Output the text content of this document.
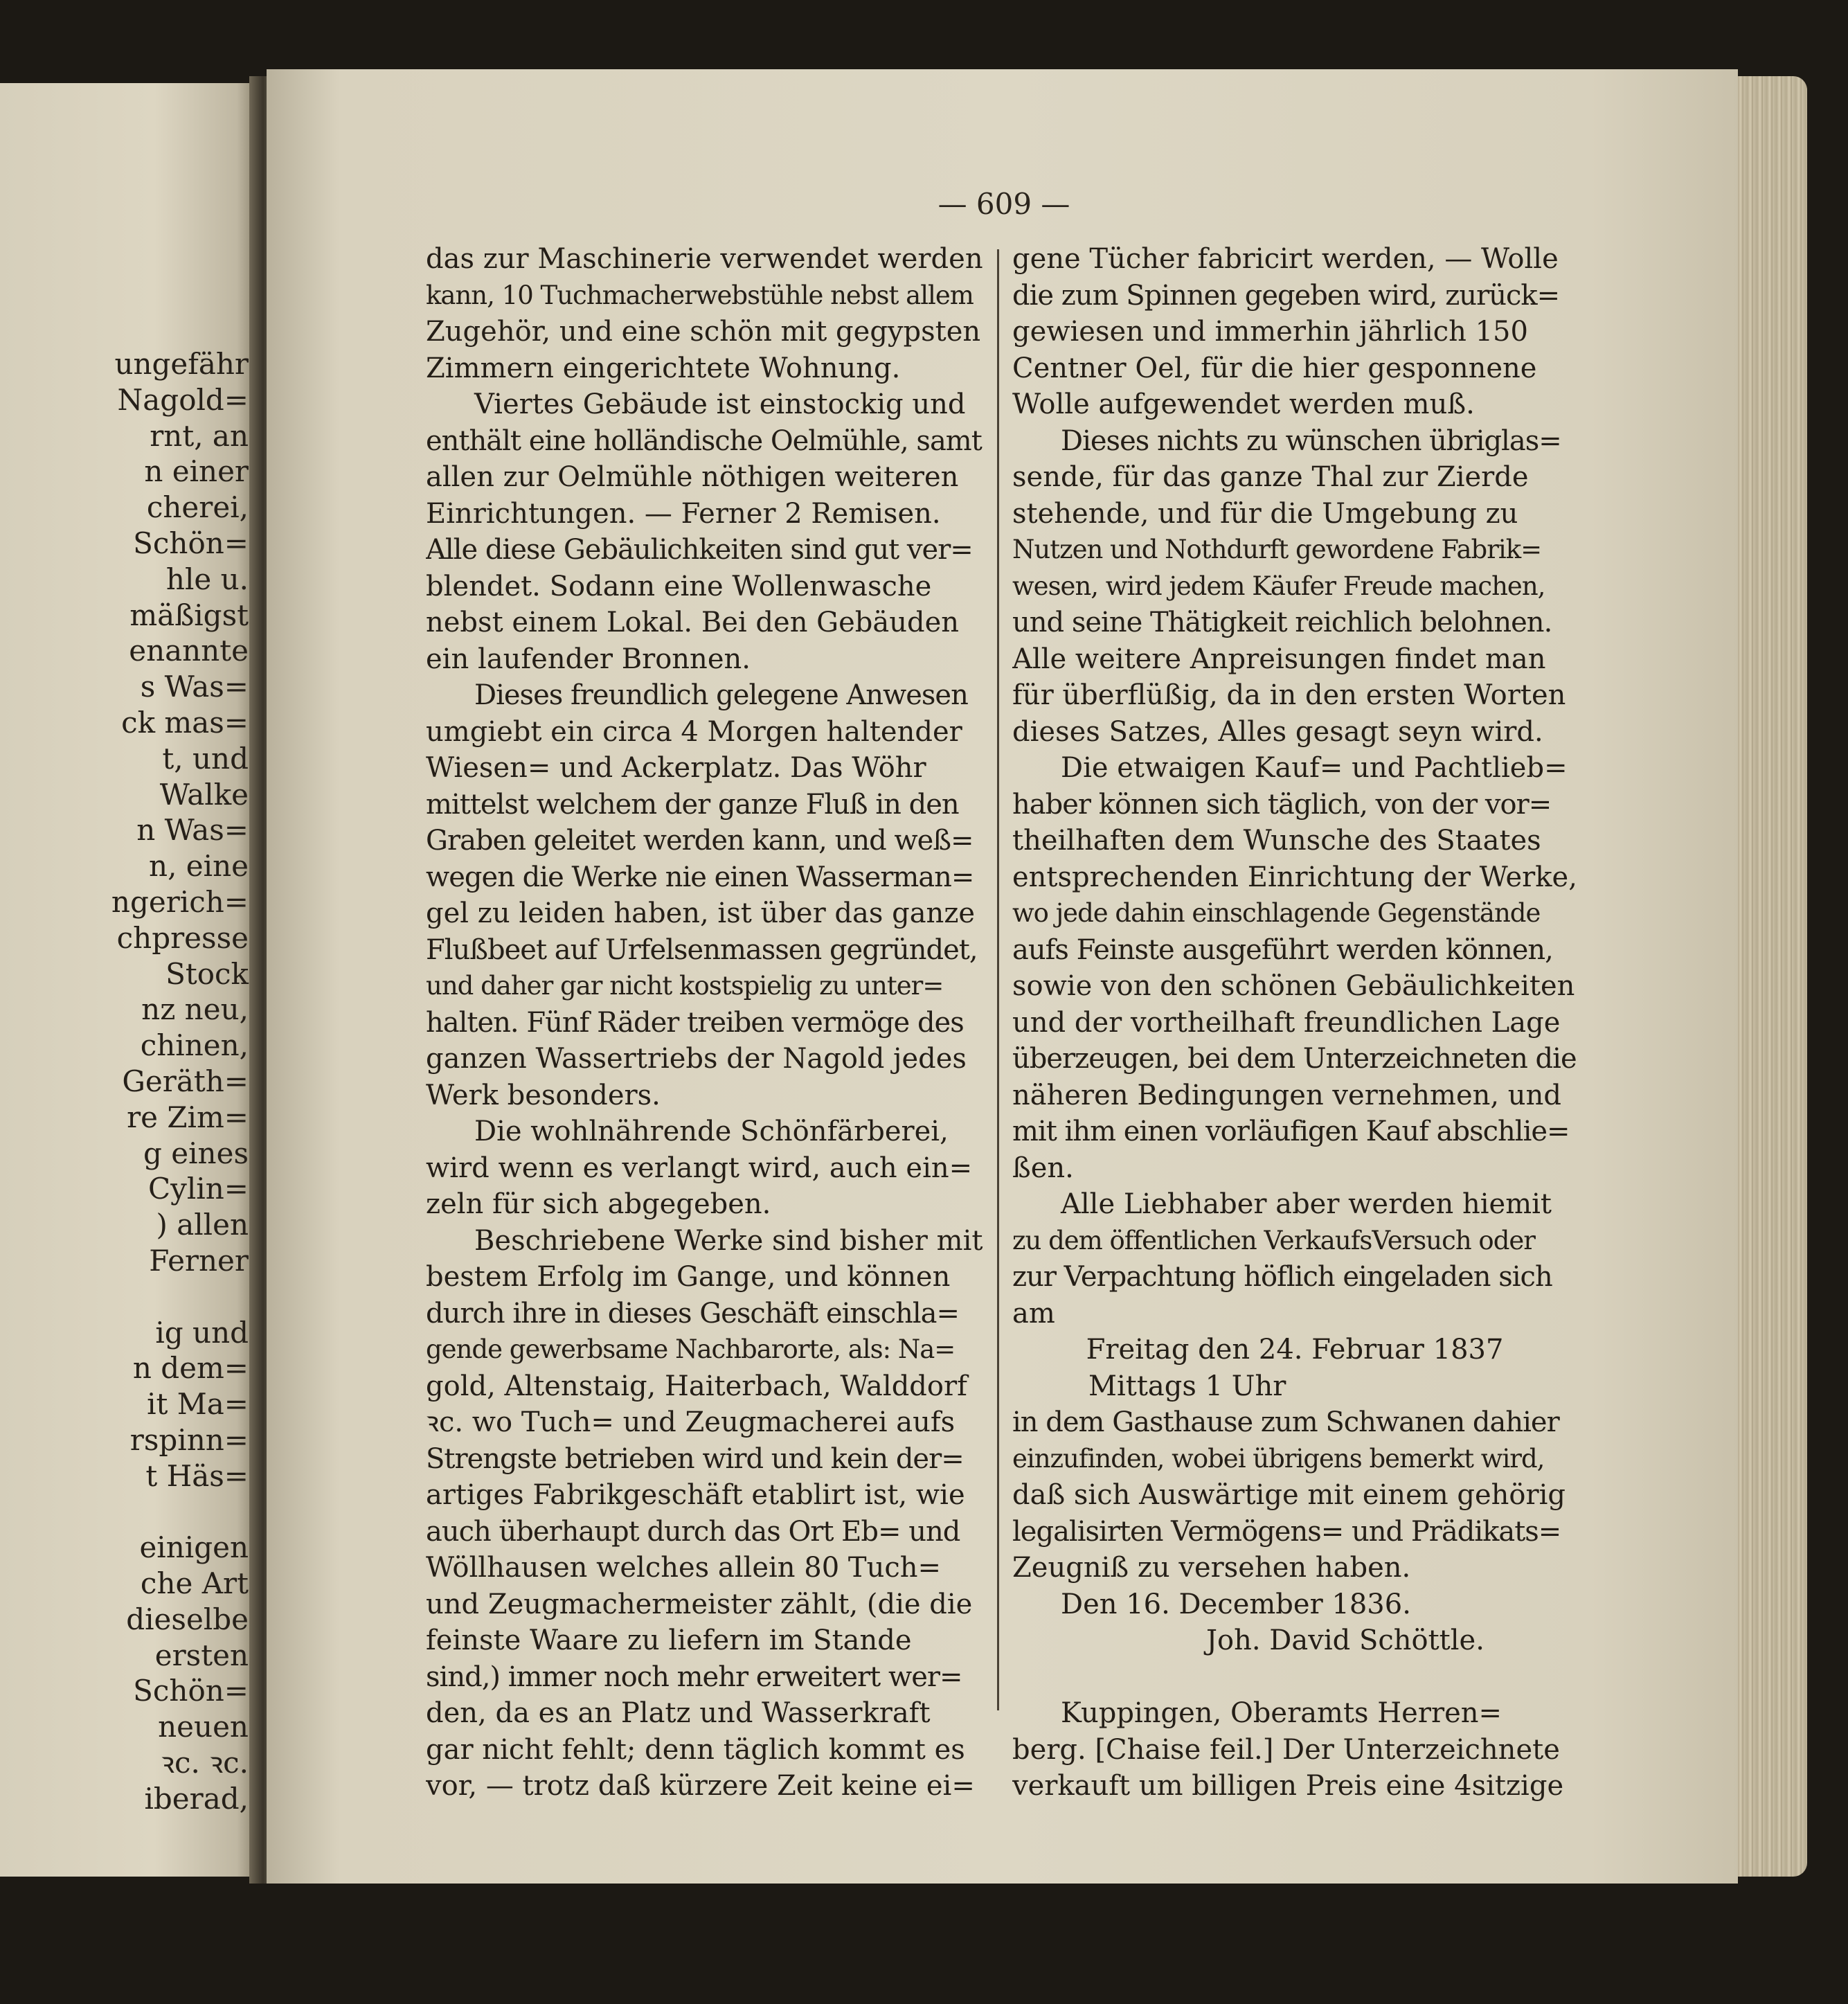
ungefähr
Nagold=
rnt, an
n einer
cherei,
Schön=
hle u.
mäßigst
enannte
s Was=
ck mas=
t, und
Walke
n Was=
n, eine
ngerich=
chpresse
Stock
nz neu,
chinen,
Geräth=
re Zim=
g eines
Cylin=
) allen
Ferner
ig und
n dem=
it Ma=
rspinn=
t Häs=
einigen
che Art
dieselbe
ersten
Schön=
neuen
ꝛc. ꝛc.
iberad,
— 609 —
das zur Maschinerie verwendet werden
kann, 10 Tuchmacherwebstühle nebst allem
Zugehör, und eine schön mit gegypsten
Zimmern eingerichtete Wohnung.
Viertes Gebäude ist einstockig und
enthält eine holländische Oelmühle, samt
allen zur Oelmühle nöthigen weiteren
Einrichtungen. — Ferner 2 Remisen.
Alle diese Gebäulichkeiten sind gut ver=
blendet. Sodann eine Wollenwasche
nebst einem Lokal. Bei den Gebäuden
ein laufender Bronnen.
Dieses freundlich gelegene Anwesen
umgiebt ein circa 4 Morgen haltender
Wiesen= und Ackerplatz. Das Wöhr
mittelst welchem der ganze Fluß in den
Graben geleitet werden kann, und weß=
wegen die Werke nie einen Wasserman=
gel zu leiden haben, ist über das ganze
Flußbeet auf Urfelsenmassen gegründet,
und daher gar nicht kostspielig zu unter=
halten. Fünf Räder treiben vermöge des
ganzen Wassertriebs der Nagold jedes
Werk besonders.
Die wohlnährende Schönfärberei,
wird wenn es verlangt wird, auch ein=
zeln für sich abgegeben.
Beschriebene Werke sind bisher mit
bestem Erfolg im Gange, und können
durch ihre in dieses Geschäft einschla=
gende gewerbsame Nachbarorte, als: Na=
gold, Altenstaig, Haiterbach, Walddorf
ꝛc. wo Tuch= und Zeugmacherei aufs
Strengste betrieben wird und kein der=
artiges Fabrikgeschäft etablirt ist, wie
auch überhaupt durch das Ort Eb= und
Wöllhausen welches allein 80 Tuch=
und Zeugmachermeister zählt, (die die
feinste Waare zu liefern im Stande
sind,) immer noch mehr erweitert wer=
den, da es an Platz und Wasserkraft
gar nicht fehlt; denn täglich kommt es
vor, — trotz daß kürzere Zeit keine ei=
gene Tücher fabricirt werden, — Wolle
die zum Spinnen gegeben wird, zurück=
gewiesen und immerhin jährlich 150
Centner Oel, für die hier gesponnene
Wolle aufgewendet werden muß.
Dieses nichts zu wünschen übriglas=
sende, für das ganze Thal zur Zierde
stehende, und für die Umgebung zu
Nutzen und Nothdurft gewordene Fabrik=
wesen, wird jedem Käufer Freude machen,
und seine Thätigkeit reichlich belohnen.
Alle weitere Anpreisungen findet man
für überflüßig, da in den ersten Worten
dieses Satzes, Alles gesagt seyn wird.
Die etwaigen Kauf= und Pachtlieb=
haber können sich täglich, von der vor=
theilhaften dem Wunsche des Staates
entsprechenden Einrichtung der Werke,
wo jede dahin einschlagende Gegenstände
aufs Feinste ausgeführt werden können,
sowie von den schönen Gebäulichkeiten
und der vortheilhaft freundlichen Lage
überzeugen, bei dem Unterzeichneten die
näheren Bedingungen vernehmen, und
mit ihm einen vorläufigen Kauf abschlie=
ßen.
Alle Liebhaber aber werden hiemit
zu dem öffentlichen VerkaufsVersuch oder
zur Verpachtung höflich eingeladen sich
am
Freitag den 24. Februar 1837
Mittags 1 Uhr
in dem Gasthause zum Schwanen dahier
einzufinden, wobei übrigens bemerkt wird,
daß sich Auswärtige mit einem gehörig
legalisirten Vermögens= und Prädikats=
Zeugniß zu versehen haben.
Den 16. December 1836.
Joh. David Schöttle.
Kuppingen, Oberamts Herren=
berg. [Chaise feil.] Der Unterzeichnete
verkauft um billigen Preis eine 4sitzige
